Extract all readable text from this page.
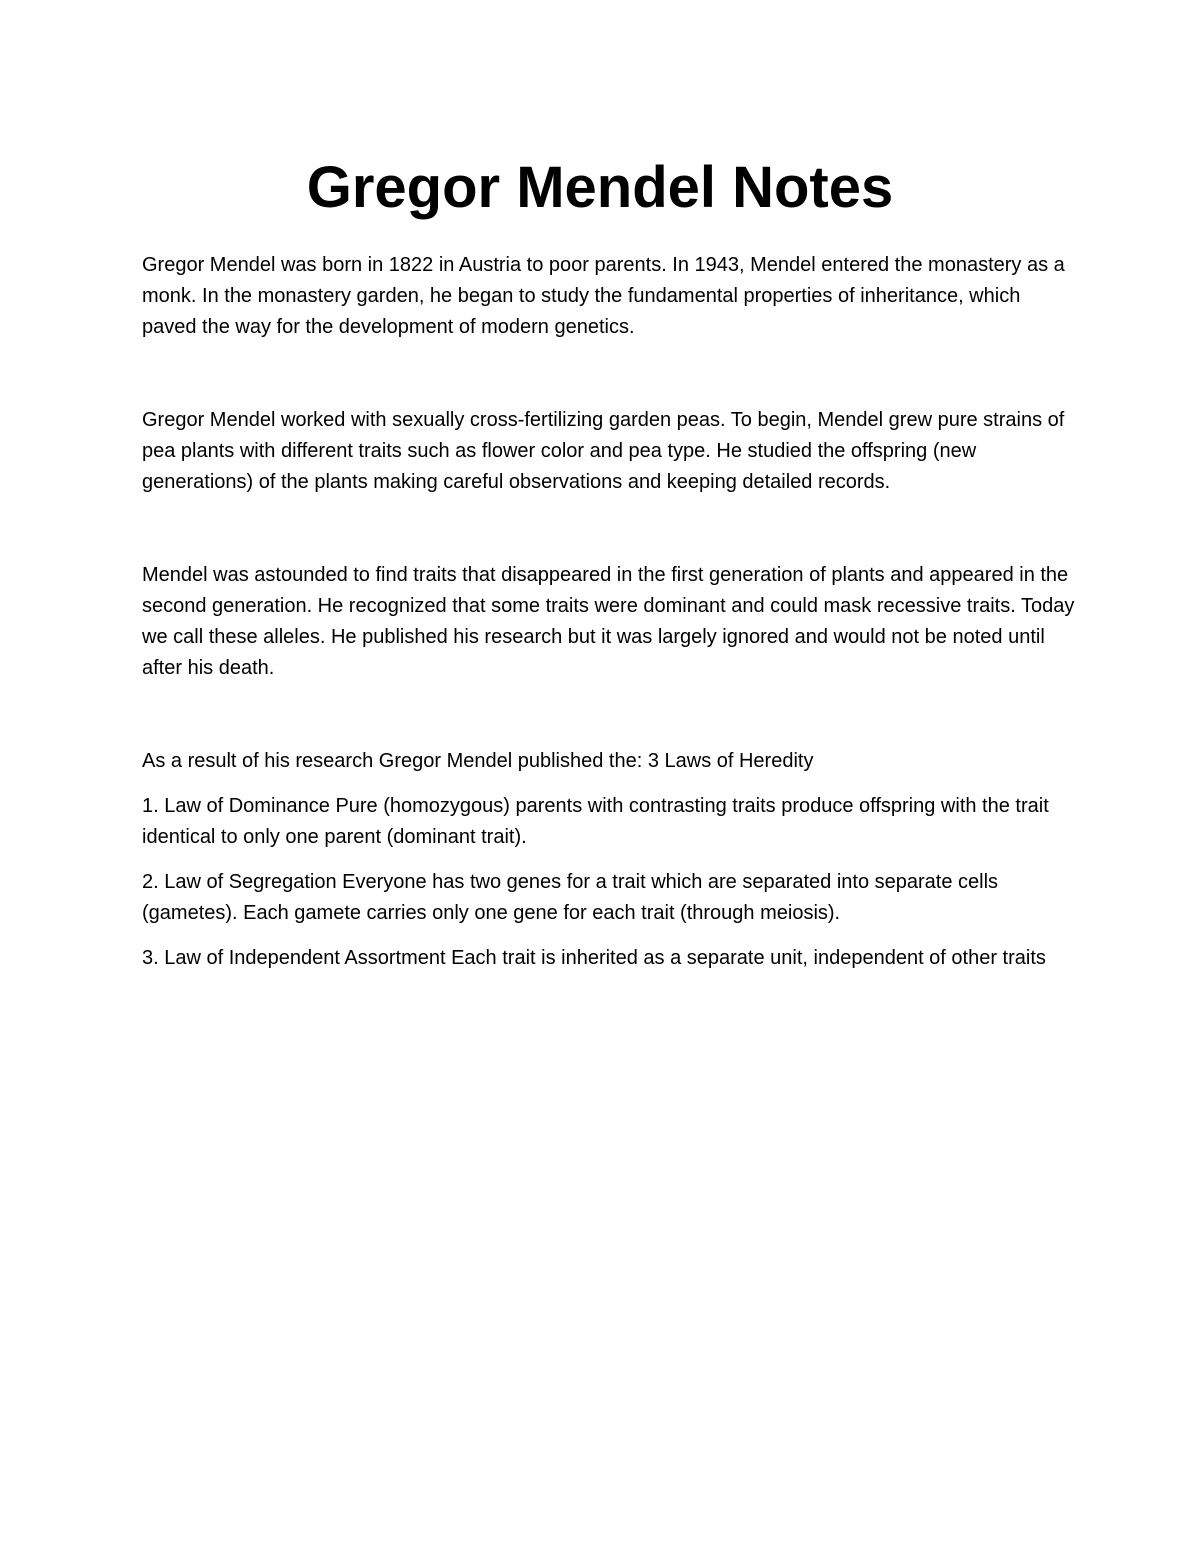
Gregor Mendel Notes

Gregor Mendel was born in 1822 in Austria to poor parents. In 1943, Mendel entered the monastery as a monk. In the monastery garden, he began to study the fundamental properties of inheritance, which paved the way for the development of modern genetics.

Gregor Mendel worked with sexually cross-fertilizing garden peas. To begin, Mendel grew pure strains of pea plants with different traits such as flower color and pea type. He studied the offspring (new generations) of the plants making careful observations and keeping detailed records.

Mendel was astounded to find traits that disappeared in the first generation of plants and appeared in the second generation. He recognized that some traits were dominant and could mask recessive traits. Today we call these alleles. He published his research but it was largely ignored and would not be noted until after his death.

As a result of his research Gregor Mendel published the: 3 Laws of Heredity

1. Law of Dominance Pure (homozygous) parents with contrasting traits produce offspring with the trait identical to only one parent (dominant trait).

2. Law of Segregation Everyone has two genes for a trait which are separated into separate cells (gametes). Each gamete carries only one gene for each trait (through meiosis).

3. Law of Independent Assortment Each trait is inherited as a separate unit, independent of other traits
